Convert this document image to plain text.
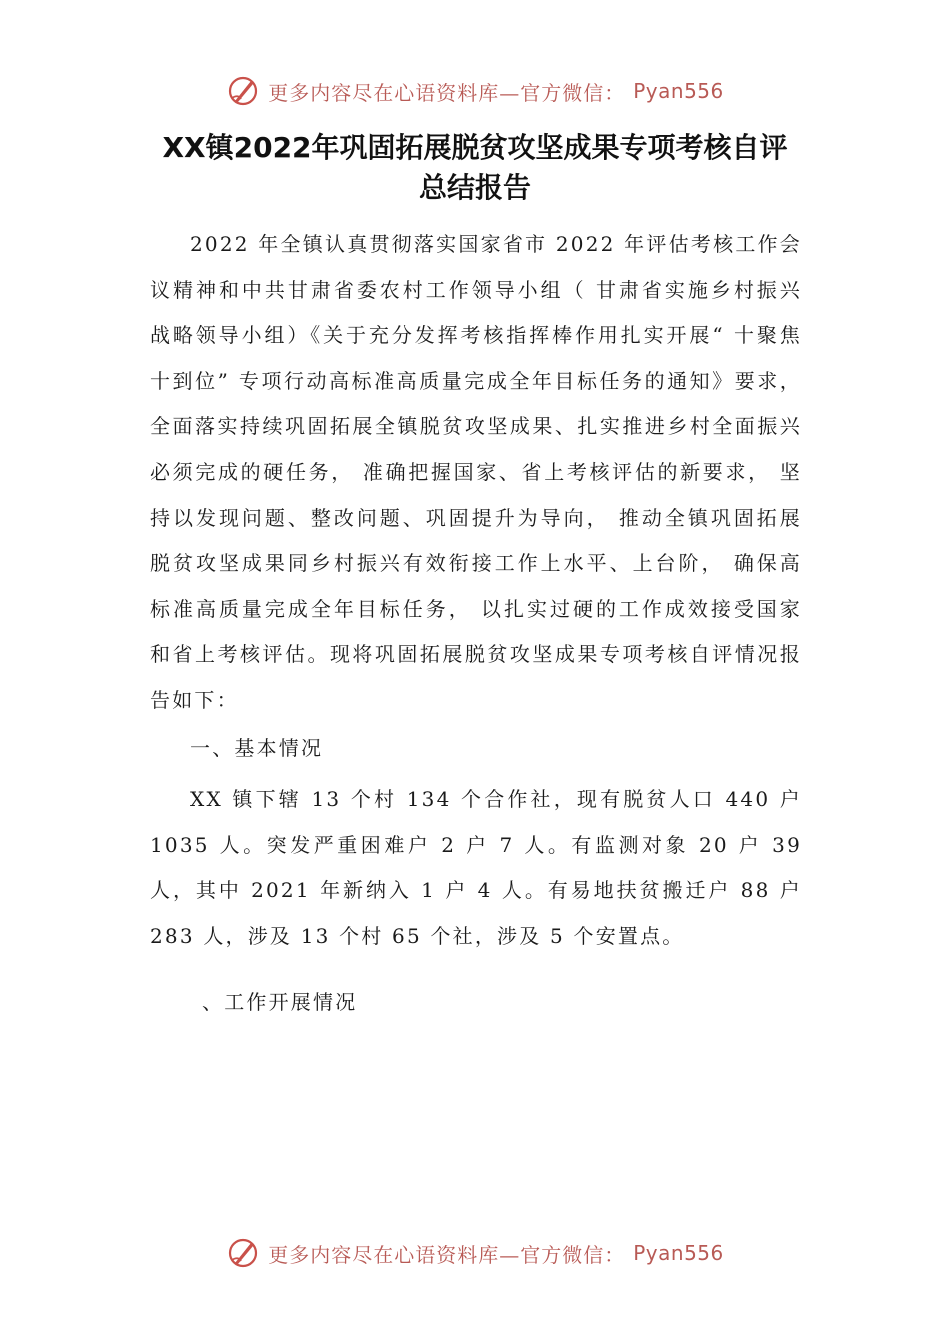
更多内容尽在心语资料库—官方微信： Pyan556
XX镇2022年巩固拓展脱贫攻坚成果专项考核自评
总结报告

2022 年全镇认真贯彻落实国家省市 2022 年评估考核工作会议精神和中共甘肃省委农村工作领导小组（ 甘肃省实施乡村振兴战略领导小组）《关于充分发挥考核指挥棒作用扎实开展“ 十聚焦十到位” 专项行动高标准高质量完成全年目标任务的通知》要求， 全面落实持续巩固拓展全镇脱贫攻坚成果、扎实推进乡村全面振兴必须完成的硬任务， 准确把握国家、省上考核评估的新要求， 坚持以发现问题、整改问题、巩固提升为导向， 推动全镇巩固拓展脱贫攻坚成果同乡村振兴有效衔接工作上水平、上台阶， 确保高标准高质量完成全年目标任务， 以扎实过硬的工作成效接受国家和省上考核评估。现将巩固拓展脱贫攻坚成果专项考核自评情况报告如下：

一、基本情况

XX 镇下辖 13 个村 134 个合作社，现有脱贫人口 440 户 1035 人。突发严重困难户 2 户 7 人。有监测对象 20 户 39 人，其中 2021 年新纳入 1 户 4 人。有易地扶贫搬迁户 88 户 283 人，涉及 13 个村 65 个社，涉及 5 个安置点。

、工作开展情况

更多内容尽在心语资料库—官方微信： Pyan556
